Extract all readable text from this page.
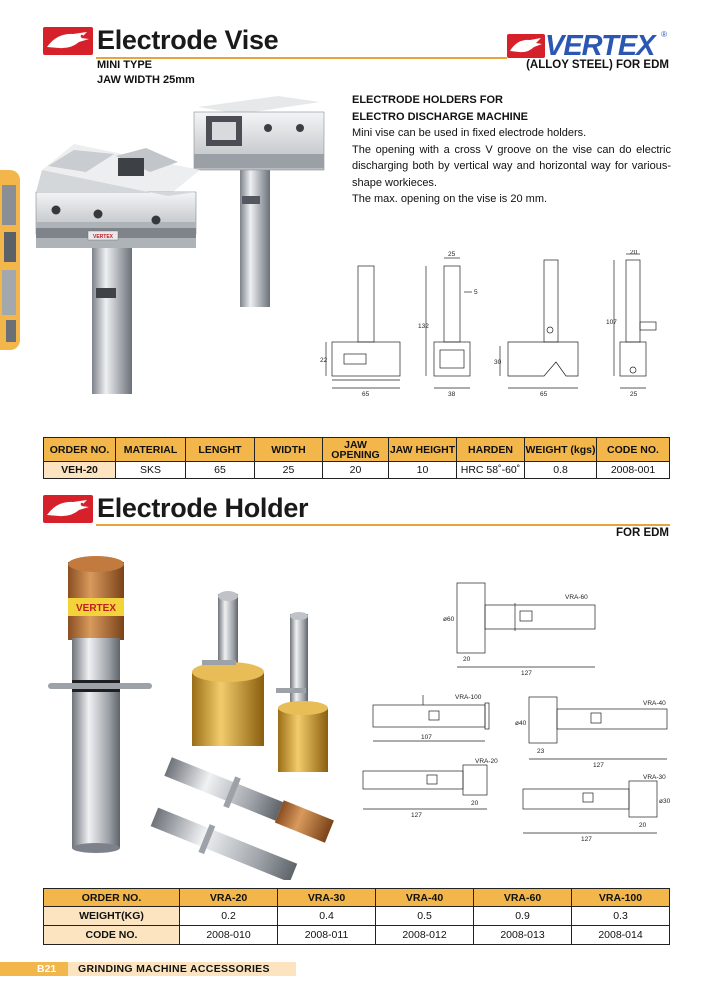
Electrode Vise
MINI TYPE
JAW WIDTH 25mm
VERTEX ®
(ALLOY STEEL) FOR EDM
ELECTRODE HOLDERS FOR
ELECTRO DISCHARGE MACHINE
Mini vise can be used in fixed electrode holders.
The opening with a cross V groove on the vise can do electric discharging both by vertical way and horizontal way for various-shape workieces.
The max. opening on the vise is 20 mm.
VERTEX
22
65
25
132
5
38
30
65
20
107
25
ORDER NO.	MATERIAL	LENGHT	WIDTH	JAW OPENING	JAW HEIGHT	HARDEN	WEIGHT (kgs)	CODE NO.
VEH-20	SKS	65	25	20	10	HRC 58˚-60˚	0.8	2008-001
Electrode Holder
FOR EDM
VERTEX
VRA-60
ø60
20
127
VRA-100
107
VRA-40
ø40
23
127
VRA-20
20
127
VRA-30
ø30
20
127
ORDER NO.	VRA-20	VRA-30	VRA-40	VRA-60	VRA-100
WEIGHT(KG)	0.2	0.4	0.5	0.9	0.3
CODE NO.	2008-010	2008-011	2008-012	2008-013	2008-014
B21	GRINDING MACHINE ACCESSORIES
